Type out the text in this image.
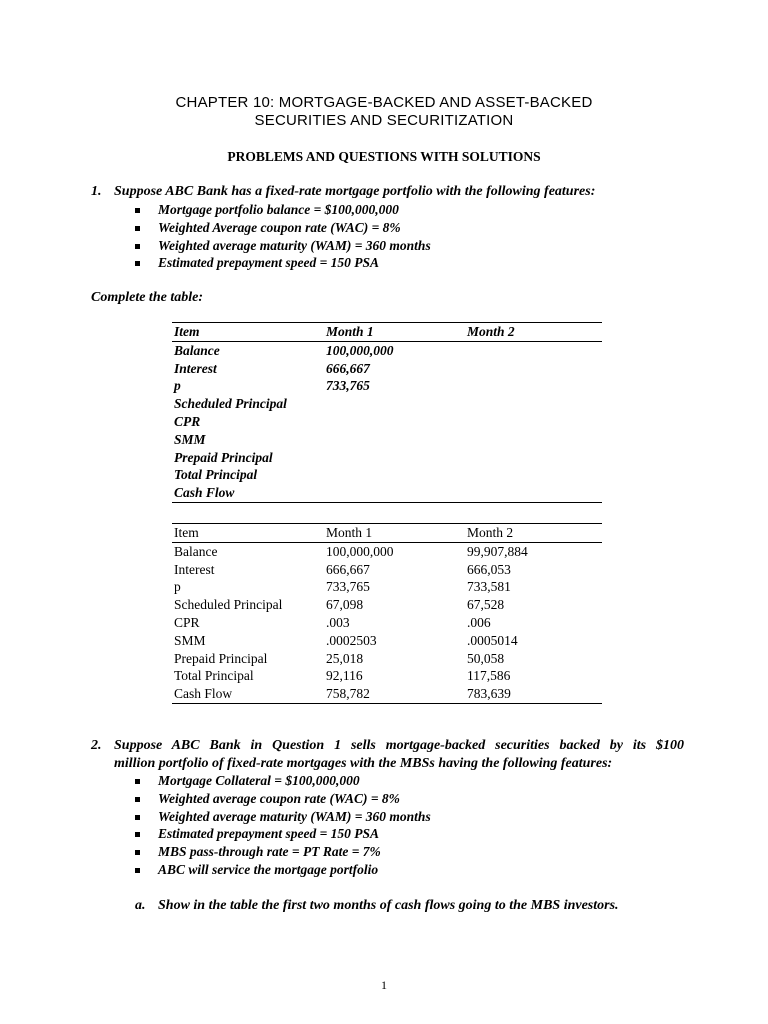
CHAPTER 10: MORTGAGE-BACKED AND ASSET-BACKED
SECURITIES AND SECURITIZATION
PROBLEMS AND QUESTIONS WITH SOLUTIONS
1. Suppose ABC Bank has a fixed-rate mortgage portfolio with the following features:
Mortgage portfolio balance = $100,000,000
Weighted Average coupon rate (WAC) = 8%
Weighted average maturity (WAM) = 360 months
Estimated prepayment speed = 150 PSA
Complete the table:
Item	Month 1	Month 2
Balance	100,000,000	
Interest	666,667	
p	733,765	
Scheduled Principal		
CPR		
SMM		
Prepaid Principal		
Total Principal		
Cash Flow		
Item	Month 1	Month 2
Balance	100,000,000	99,907,884
Interest	666,667	666,053
p	733,765	733,581
Scheduled Principal	67,098	67,528
CPR	.003	.006
SMM	.0002503	.0005014
Prepaid Principal	25,018	50,058
Total Principal	92,116	117,586
Cash Flow	758,782	783,639
2. Suppose ABC Bank in Question 1 sells mortgage-backed securities backed by its $100
million portfolio of fixed-rate mortgages with the MBSs having the following features:
Mortgage Collateral = $100,000,000
Weighted average coupon rate (WAC) = 8%
Weighted average maturity (WAM) = 360 months
Estimated prepayment speed = 150 PSA
MBS pass-through rate = PT Rate = 7%
ABC will service the mortgage portfolio
a. Show in the table the first two months of cash flows going to the MBS investors.
1
